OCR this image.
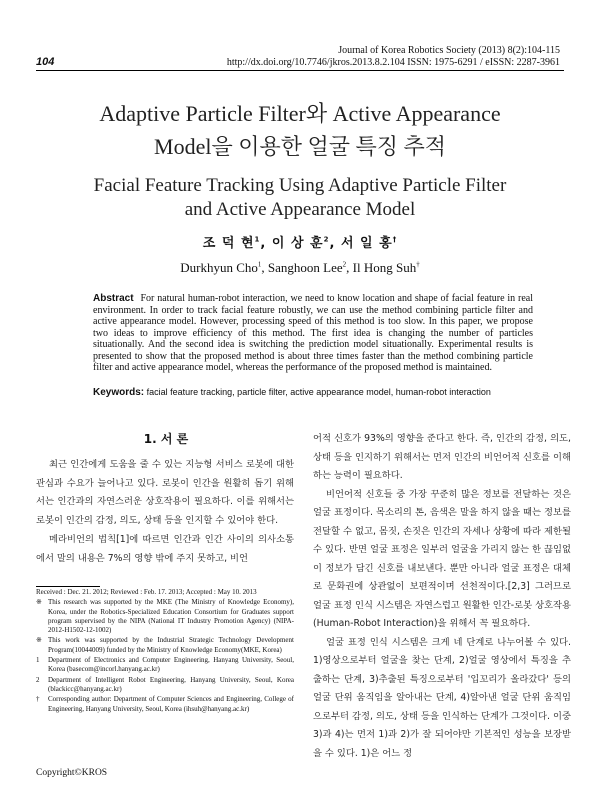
104
Journal of Korea Robotics Society (2013) 8(2):104-115
http://dx.doi.org/10.7746/jkros.2013.8.2.104 ISSN: 1975-6291 / eISSN: 2287-3961
Adaptive Particle Filter와 Active Appearance
Model을 이용한 얼굴 특징 추적
Facial Feature Tracking Using Adaptive Particle Filter
and Active Appearance Model
조 덕 현$^1$, 이 상 훈$^2$, 서 일 홍†
Durkhyun Cho$^1$, Sanghoon Lee$^2$, Il Hong Suh†
Abstract For natural human-robot interaction, we need to know location and shape of facial feature in real environment. In order to track facial feature robustly, we can use the method combining particle filter and active appearance model. However, processing speed of this method is too slow. In this paper, we propose two ideas to improve efficiency of this method. The first idea is changing the number of particles situationally. And the second idea is switching the prediction model situationally. Experimental results is presented to show that the proposed method is about three times faster than the method combining particle filter and active appearance model, whereas the performance of the proposed method is maintained.
Keywords: facial feature tracking, particle filter, active appearance model, human-robot interaction
1. 서 론

최근 인간에게 도움을 줄 수 있는 지능형 서비스 로봇에 대한 관심과 수요가 늘어나고 있다. 로봇이 인간을 원활히 돕기 위해서는 인간과의 자연스러운 상호작용이 필요하다. 이를 위해서는 로봇이 인간의 감정, 의도, 상태 등을 인지할 수 있어야 한다.

메라비언의 법칙[1]에 따르면 인간과 인간 사이의 의사소통에서 말의 내용은 7%의 영향 밖에 주지 못하고, 비언

어적 신호가 93%의 영향을 준다고 한다. 즉, 인간의 감정, 의도, 상태 등을 인지하기 위해서는 먼저 인간의 비언어적 신호를 이해하는 능력이 필요하다.

비언어적 신호들 중 가장 꾸준히 많은 정보를 전달하는 것은 얼굴 표정이다. 목소리의 톤, 음색은 말을 하지 않을 때는 정보를 전달할 수 없고, 몸짓, 손짓은 인간의 자세나 상황에 따라 제한될 수 있다. 반면 얼굴 표정은 일부러 얼굴을 가리지 않는 한 끊임없이 정보가 담긴 신호를 내보낸다. 뿐만 아니라 얼굴 표정은 대체로 문화권에 상관없이 보편적이며 선천적이다.[2,3] 그러므로 얼굴 표정 인식 시스템은 자연스럽고 원활한 인간-로봇 상호작용(Human-Robot Interaction)을 위해서 꼭 필요하다.

얼굴 표정 인식 시스템은 크게 네 단계로 나누어볼 수 있다. 1)영상으로부터 얼굴을 찾는 단계, 2)얼굴 영상에서 특징을 추출하는 단계, 3)추출된 특징으로부터 '입꼬리가 올라갔다' 등의 얼굴 단위 움직임을 알아내는 단계, 4)알아낸 얼굴 단위 움직임으로부터 감정, 의도, 상태 등을 인식하는 단계가 그것이다. 이중 3)과 4)는 먼저 1)과 2)가 잘 되어야만 기본적인 성능을 보장받을 수 있다. 1)은 어느 정

Received : Dec. 21. 2012; Reviewed : Feb. 17. 2013; Accepted : May 10. 2013

※ This research was supported by the MKE (The Ministry of Knowledge Economy), Korea, under the Robotics-Specialized Education Consortium for Graduates support program supervised by the NIPA (National IT Industry Promotion Agency) (NIPA-2012-H1502-12-1002)

※ This work was supported by the Industrial Strategic Technology Development Program(10044009) funded by the Ministry of Knowledge Economy(MKE, Korea)

1 Department of Electronics and Computer Engineering, Hanyang University, Seoul, Korea (basecom@incorl.hanyang.ac.kr)

2 Department of Intelligent Robot Engineering, Hanyang University, Seoul, Korea (blackicc@hanyang.ac.kr)

† Corresponding author: Department of Computer Sciences and Engineering, College of Engineering, Hanyang University, Seoul, Korea (ihsuh@hanyang.ac.kr)

Copyright©KROS
